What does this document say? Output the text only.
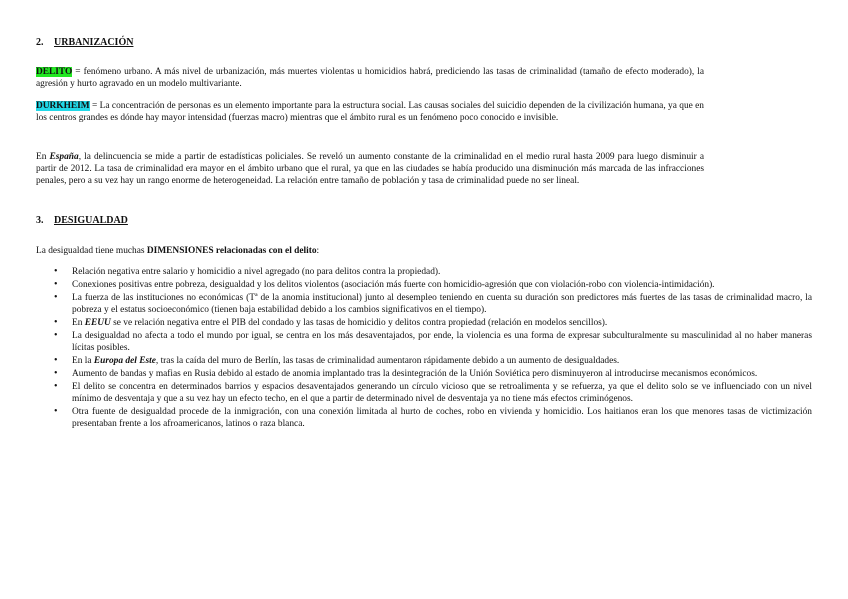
2. URBANIZACIÓN
DELITO = fenómeno urbano. A más nivel de urbanización, más muertes violentas u homicidios habrá, prediciendo las tasas de criminalidad (tamaño de efecto moderado), la agresión y hurto agravado en un modelo multivariante.
DURKHEIM = La concentración de personas es un elemento importante para la estructura social. Las causas sociales del suicidio dependen de la civilización humana, ya que en los centros grandes es dónde hay mayor intensidad (fuerzas macro) mientras que el ámbito rural es un fenómeno poco conocido e invisible.
En España, la delincuencia se mide a partir de estadísticas policiales. Se reveló un aumento constante de la criminalidad en el medio rural hasta 2009 para luego disminuir a partir de 2012. La tasa de criminalidad era mayor en el ámbito urbano que el rural, ya que en las ciudades se había producido una disminución más marcada de las infracciones penales, pero a su vez hay un rango enorme de heterogeneidad. La relación entre tamaño de población y tasa de criminalidad puede no ser lineal.
3. DESIGUALDAD
La desigualdad tiene muchas DIMENSIONES relacionadas con el delito:
• Relación negativa entre salario y homicidio a nivel agregado (no para delitos contra la propiedad).
• Conexiones positivas entre pobreza, desigualdad y los delitos violentos (asociación más fuerte con homicidio-agresión que con violación-robo con violencia-intimidación).
• La fuerza de las instituciones no económicas (Tª de la anomia institucional) junto al desempleo teniendo en cuenta su duración son predictores más fuertes de las tasas de criminalidad macro, la pobreza y el estatus socioeconómico (tienen baja estabilidad debido a los cambios significativos en el tiempo).
• En EEUU se ve relación negativa entre el PIB del condado y las tasas de homicidio y delitos contra propiedad (relación en modelos sencillos).
• La desigualdad no afecta a todo el mundo por igual, se centra en los más desaventajados, por ende, la violencia es una forma de expresar subculturalmente su masculinidad al no haber maneras lícitas posibles.
• En la Europa del Este, tras la caída del muro de Berlín, las tasas de criminalidad aumentaron rápidamente debido a un aumento de desigualdades.
• Aumento de bandas y mafias en Rusia debido al estado de anomia implantado tras la desintegración de la Unión Soviética pero disminuyeron al introducirse mecanismos económicos.
• El delito se concentra en determinados barrios y espacios desaventajados generando un círculo vicioso que se retroalimenta y se refuerza, ya que el delito solo se ve influenciado con un nivel mínimo de desventaja y que a su vez hay un efecto techo, en el que a partir de determinado nivel de desventaja ya no tiene más efectos criminógenos.
• Otra fuente de desigualdad procede de la inmigración, con una conexión limitada al hurto de coches, robo en vivienda y homicidio. Los haitianos eran los que menores tasas de victimización presentaban frente a los afroamericanos, latinos o raza blanca.
